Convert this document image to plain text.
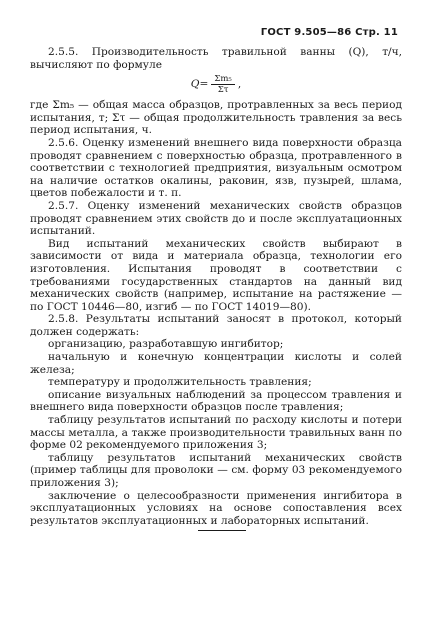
ГОСТ 9.505—86 Стр. 11

2.5.5. Производительность травильной ванны (Q), т/ч, вычисляют по формуле

$Q= \frac{\text{Σm₅}}{\Sigma\tau}$ ,

где Σm₅ — общая масса образцов, протравленных за весь период испытания, т; Στ — общая продолжительность травления за весь период испытания, ч.

2.5.6. Оценку изменений внешнего вида поверхности образца проводят сравнением с поверхностью образца, протравленного в соответствии с технологией предприятия, визуальным осмотром на наличие остатков окалины, раковин, язв, пузырей, шлама, цветов побежалости и т. п.

2.5.7. Оценку изменений механических свойств образцов проводят сравнением этих свойств до и после эксплуатационных испытаний.

Вид испытаний механических свойств выбирают в зависимости от вида и материала образца, технологии его изготовления. Испытания проводят в соответствии с требованиями государственных стандартов на данный вид механических свойств (например, испытание на растяжение — по ГОСТ 10446—80, изгиб — по ГОСТ 14019—80).

2.5.8. Результаты испытаний заносят в протокол, который должен содержать:

организацию, разработавшую ингибитор;

начальную и конечную концентрации кислоты и солей железа;

температуру и продолжительность травления;

описание визуальных наблюдений за процессом травления и внешнего вида поверхности образцов после травления;

таблицу результатов испытаний по расходу кислоты и потери массы металла, а также производительности травильных ванн по форме 02 рекомендуемого приложения 3;

таблицу результатов испытаний механических свойств (пример таблицы для проволоки — см. форму 03 рекомендуемого приложения 3);

заключение о целесообразности применения ингибитора в эксплуатационных условиях на основе сопоставления всех результатов эксплуатационных и лабораторных испытаний.
